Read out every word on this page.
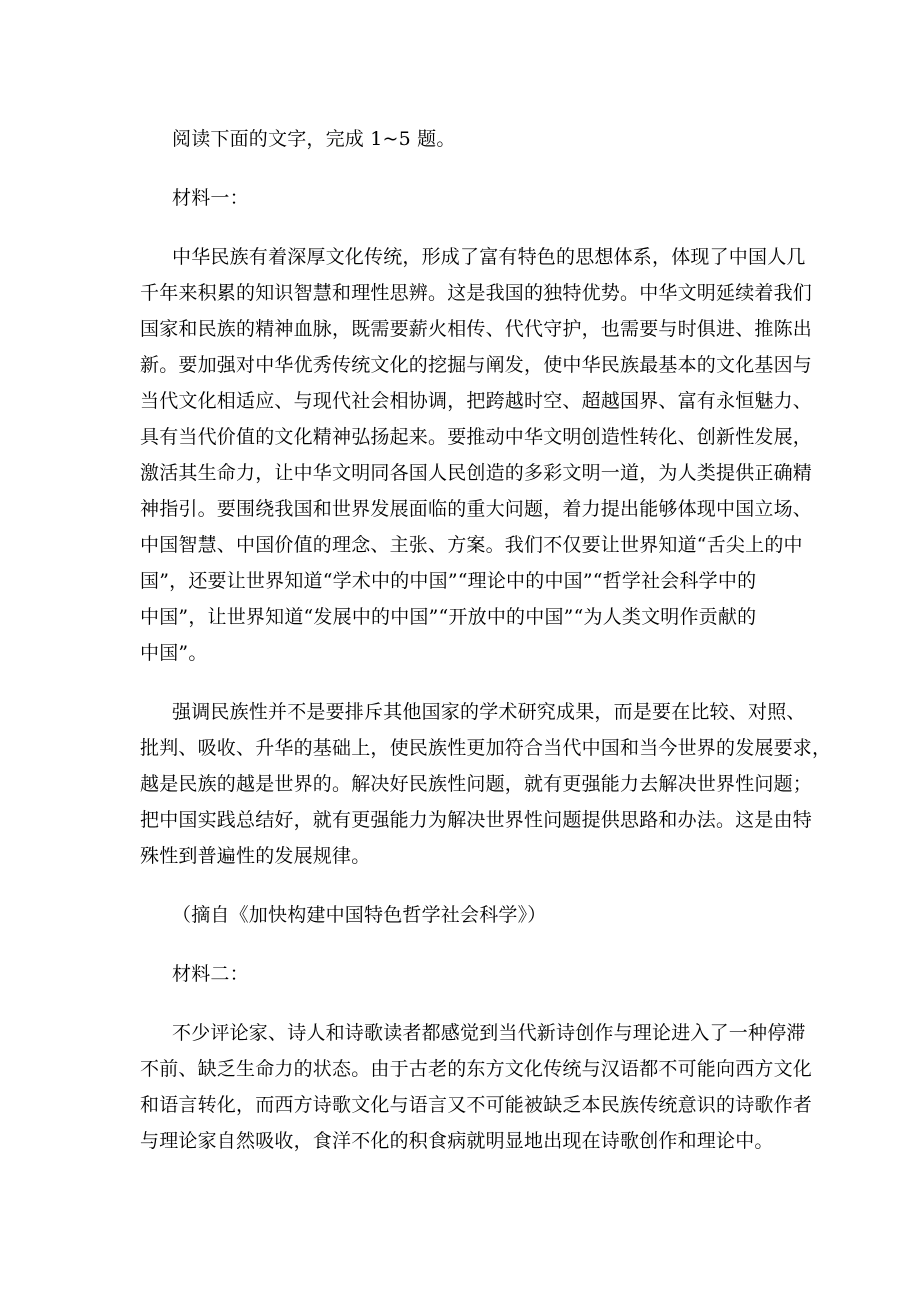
阅读下面的文字，完成 1~5 题。
材料一：
中华民族有着深厚文化传统，形成了富有特色的思想体系，体现了中国人几
千年来积累的知识智慧和理性思辨。这是我国的独特优势。中华文明延续着我们
国家和民族的精神血脉，既需要薪火相传、代代守护，也需要与时俱进、推陈出
新。要加强对中华优秀传统文化的挖掘与阐发，使中华民族最基本的文化基因与
当代文化相适应、与现代社会相协调，把跨越时空、超越国界、富有永恒魅力、
具有当代价值的文化精神弘扬起来。要推动中华文明创造性转化、创新性发展，
激活其生命力，让中华文明同各国人民创造的多彩文明一道，为人类提供正确精
神指引。要围绕我国和世界发展面临的重大问题，着力提出能够体现中国立场、
中国智慧、中国价值的理念、主张、方案。我们不仅要让世界知道“舌尖上的中
国”，还要让世界知道“学术中的中国”“理论中的中国”“哲学社会科学中的
中国”，让世界知道“发展中的中国”“开放中的中国”“为人类文明作贡献的
中国”。
强调民族性并不是要排斥其他国家的学术研究成果，而是要在比较、对照、
批判、吸收、升华的基础上，使民族性更加符合当代中国和当今世界的发展要求，
越是民族的越是世界的。解决好民族性问题，就有更强能力去解决世界性问题；
把中国实践总结好，就有更强能力为解决世界性问题提供思路和办法。这是由特
殊性到普遍性的发展规律。
（摘自《加快构建中国特色哲学社会科学》）
材料二：
不少评论家、诗人和诗歌读者都感觉到当代新诗创作与理论进入了一种停滞
不前、缺乏生命力的状态。由于古老的东方文化传统与汉语都不可能向西方文化
和语言转化，而西方诗歌文化与语言又不可能被缺乏本民族传统意识的诗歌作者
与理论家自然吸收，食洋不化的积食病就明显地出现在诗歌创作和理论中。
